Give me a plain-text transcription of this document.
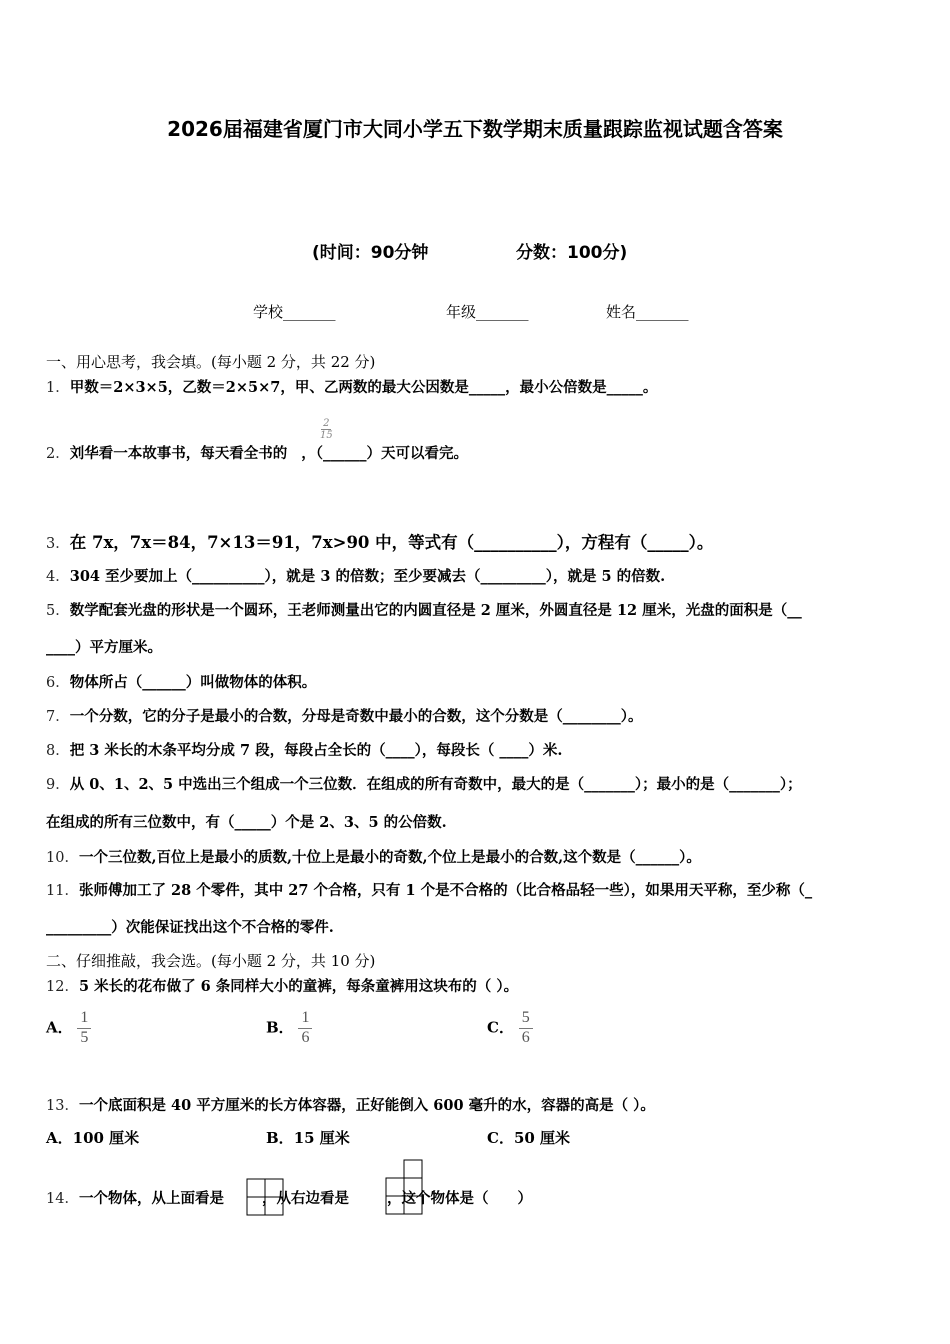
2026届福建省厦门市大同小学五下数学期末质量跟踪监视试题含答案
(时间：90分钟	分数：100分)
学校_______	年级_______	姓名_______
一、用心思考，我会填。(每小题 2 分，共 22 分)
1．甲数＝2×3×5，乙数＝2×5×7，甲、乙两数的最大公因数是_____，最小公倍数是_____。
2．刘华看一本故事书，每天看全书的 ，（______）天可以看完。
2
15
3．在 7x，7x＝84，7×13＝91，7x>90 中，等式有（__________），方程有（_____）。
4．304 至少要加上（__________），就是 3 的倍数；至少要减去（_________），就是 5 的倍数.
5．数学配套光盘的形状是一个圆环，王老师测量出它的内圆直径是 2 厘米，外圆直径是 12 厘米，光盘的面积是（__
____）平方厘米。
6．物体所占（______）叫做物体的体积。
7．一个分数，它的分子是最小的合数，分母是奇数中最小的合数，这个分数是（________）。
8．把 3 米长的木条平均分成 7 段，每段占全长的（____），每段长（ ____）米.
9．从 0、1、2、5 中选出三个组成一个三位数．在组成的所有奇数中，最大的是（_______）；最小的是（_______）；
在组成的所有三位数中，有（_____）个是 2、3、5 的公倍数.
10．一个三位数,百位上是最小的质数,十位上是最小的奇数,个位上是最小的合数,这个数是（______）。
11．张师傅加工了 28 个零件，其中 27 个合格，只有 1 个是不合格的（比合格品轻一些），如果用天平称，至少称（_
_________）次能保证找出这个不合格的零件.
二、仔细推敲，我会选。(每小题 2 分，共 10 分)
12．5 米长的花布做了 6 条同样大小的童裤，每条童裤用这块布的（ ）。
A． $\frac{1}{5}$	B． $\frac{1}{6}$	C． $\frac{5}{6}$
13．一个底面积是 40 平方厘米的长方体容器，正好能倒入 600 毫升的水，容器的高是（ ）。
A．100 厘米	B．15 厘米	C．50 厘米
14．一个物体，从上面看是	，从右边看是	，这个物体是（　　）
